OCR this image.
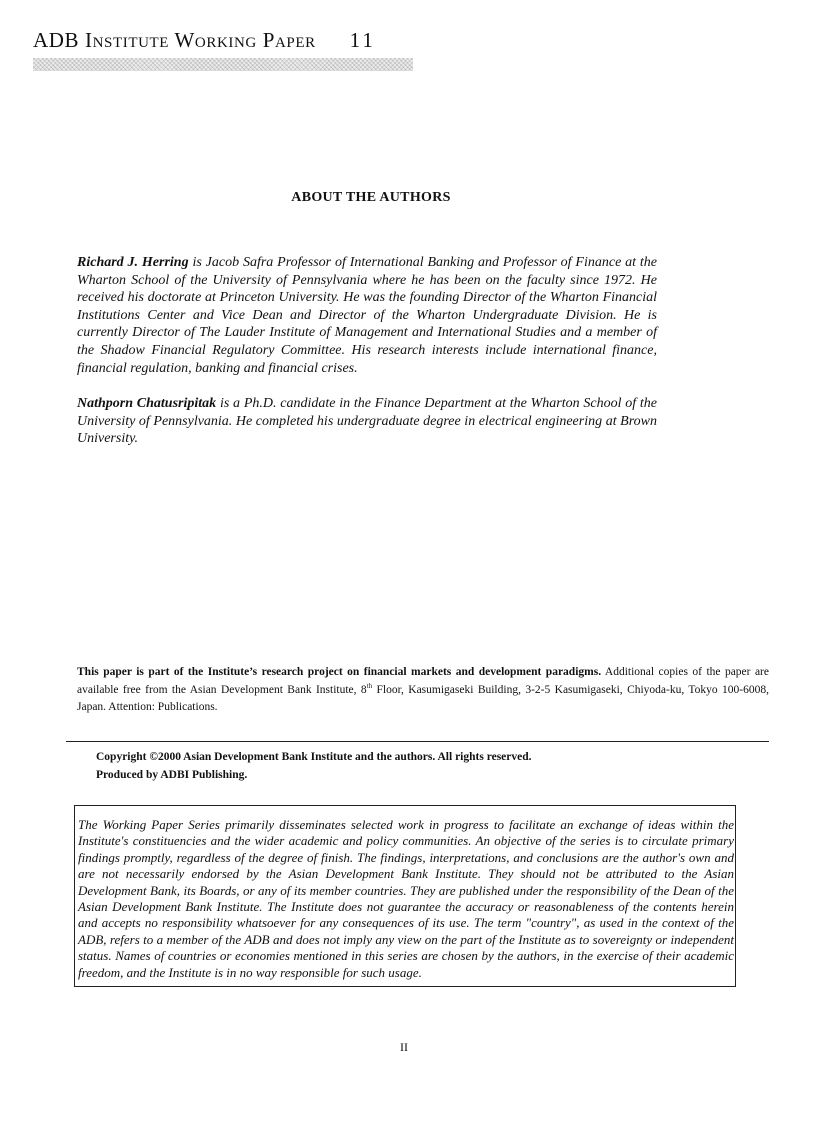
ADB Institute Working Paper 11
ABOUT THE AUTHORS

Richard J. Herring is Jacob Safra Professor of International Banking and Professor of Finance at the Wharton School of the University of Pennsylvania where he has been on the faculty since 1972. He received his doctorate at Princeton University. He was the founding Director of the Wharton Financial Institutions Center and Vice Dean and Director of the Wharton Undergraduate Division. He is currently Director of The Lauder Institute of Management and International Studies and a member of the Shadow Financial Regulatory Committee. His research interests include international finance, financial regulation, banking and financial crises.

Nathporn Chatusripitak is a Ph.D. candidate in the Finance Department at the Wharton School of the University of Pennsylvania. He completed his undergraduate degree in electrical engineering at Brown University.

This paper is part of the Institute’s research project on financial markets and development paradigms. Additional copies of the paper are available free from the Asian Development Bank Institute, 8th Floor, Kasumigaseki Building, 3-2-5 Kasumigaseki, Chiyoda-ku, Tokyo 100-6008, Japan. Attention: Publications.

Copyright ©2000 Asian Development Bank Institute and the authors. All rights reserved.
Produced by ADBI Publishing.

The Working Paper Series primarily disseminates selected work in progress to facilitate an exchange of ideas within the Institute's constituencies and the wider academic and policy communities. An objective of the series is to circulate primary findings promptly, regardless of the degree of finish. The findings, interpretations, and conclusions are the author's own and are not necessarily endorsed by the Asian Development Bank Institute. They should not be attributed to the Asian Development Bank, its Boards, or any of its member countries. They are published under the responsibility of the Dean of the Asian Development Bank Institute. The Institute does not guarantee the accuracy or reasonableness of the contents herein and accepts no responsibility whatsoever for any consequences of its use. The term "country", as used in the context of the ADB, refers to a member of the ADB and does not imply any view on the part of the Institute as to sovereignty or independent status. Names of countries or economies mentioned in this series are chosen by the authors, in the exercise of their academic freedom, and the Institute is in no way responsible for such usage.

II
